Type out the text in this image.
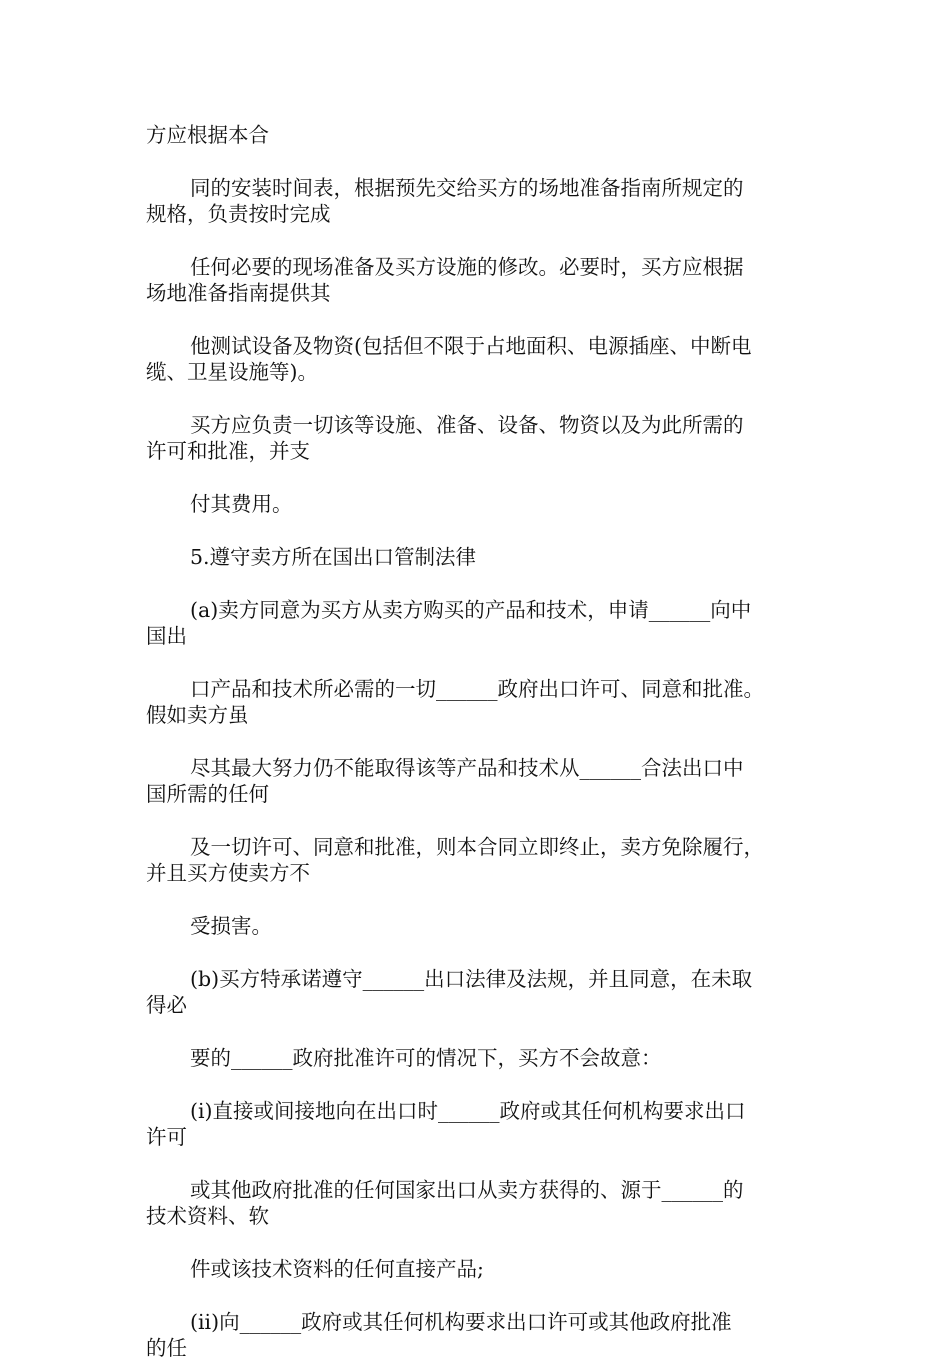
方应根据本合
同的安装时间表，根据预先交给买方的场地准备指南所规定的
规格，负责按时完成
任何必要的现场准备及买方设施的修改。必要时，买方应根据
场地准备指南提供其
他测试设备及物资(包括但不限于占地面积、电源插座、中断电
缆、卫星设施等)。
买方应负责一切该等设施、准备、设备、物资以及为此所需的
许可和批准，并支
付其费用。
5.遵守卖方所在国出口管制法律
(a)卖方同意为买方从卖方购买的产品和技术，申请______向中
国出
口产品和技术所必需的一切______政府出口许可、同意和批准。
假如卖方虽
尽其最大努力仍不能取得该等产品和技术从______合法出口中
国所需的任何
及一切许可、同意和批准，则本合同立即终止，卖方免除履行，
并且买方使卖方不
受损害。
(b)买方特承诺遵守______出口法律及法规，并且同意，在未取
得必
要的______政府批准许可的情况下，买方不会故意：
(i)直接或间接地向在出口时______政府或其任何机构要求出口
许可
或其他政府批准的任何国家出口从卖方获得的、源于______的
技术资料、软
件或该技术资料的任何直接产品;
(ii)向______政府或其任何机构要求出口许可或其他政府批准
的任
